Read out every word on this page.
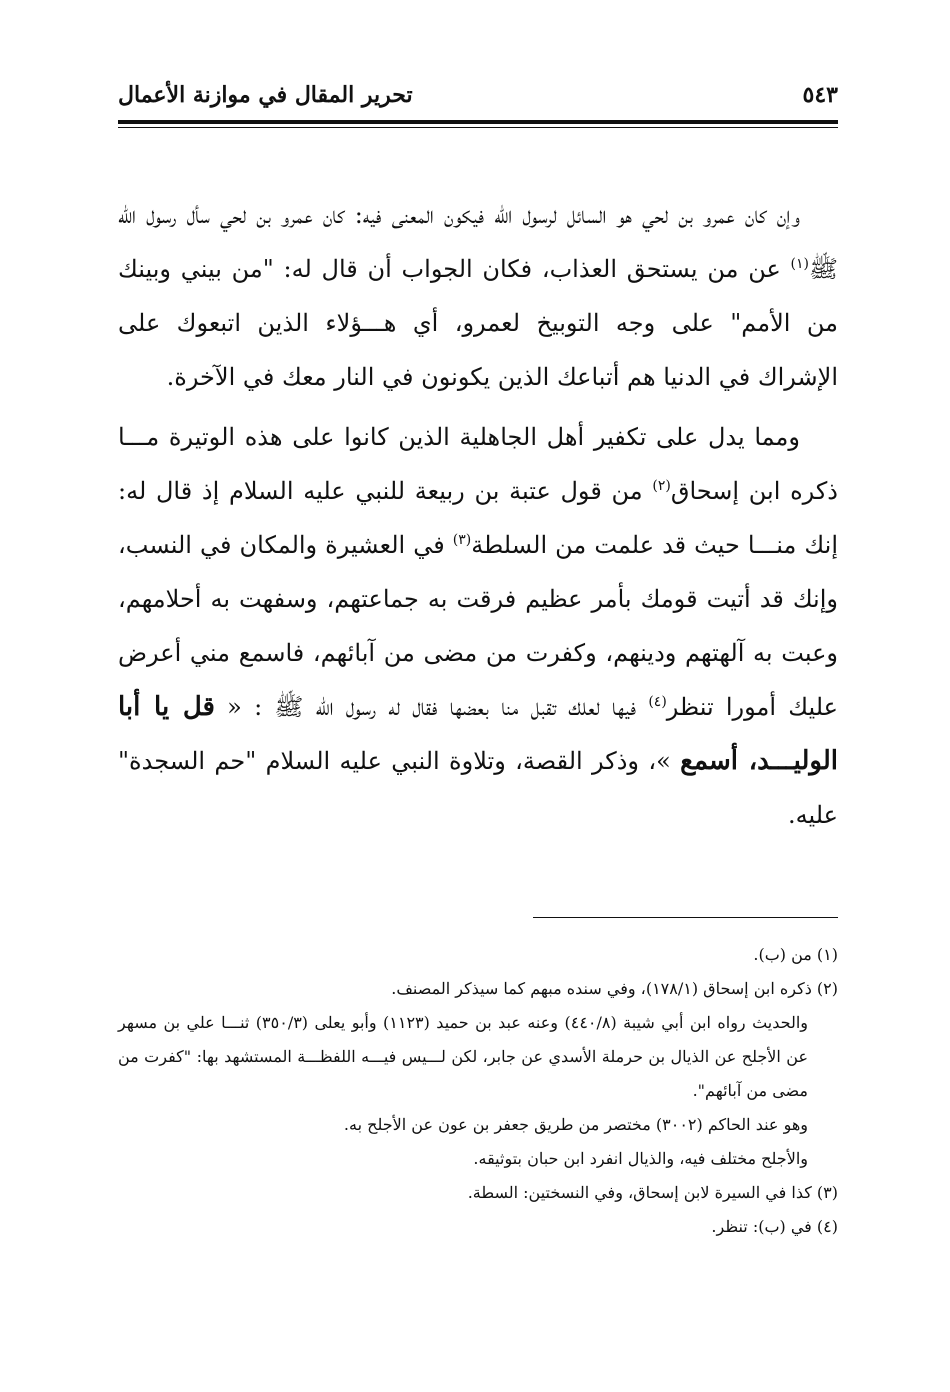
٥٤٣
تحرير المقال في موازنة الأعمال

وإن كان عمرو بن لحي هو السائل لرسول الله فيكون المعنى فيه: كان عمرو بن لحي سأل رسول الله ﷺ$^{(١)}$ عن من يستحق العذاب، فكان الجواب أن قال له: "من بيني وبينك من الأمم" على وجه التوبيخ لعمرو، أي هـــؤلاء الذين اتبعوك على الإشراك في الدنيا هم أتباعك الذين يكونون في النار معك في الآخرة.

ومما يدل على تكفير أهل الجاهلية الذين كانوا على هذه الوتيرة مـــا ذكره ابن إسحاق$^{(٢)}$ من قول عتبة بن ربيعة للنبي عليه السلام إذ قال له: إنك منـــا حيث قد علمت من السلطة$^{(٣)}$ في العشيرة والمكان في النسب، وإنك قد أتيت قومك بأمر عظيم فرقت به جماعتهم، وسفهت به أحلامهم، وعبت به آلهتهم ودينهم، وكفرت من مضى من آبائهم، فاسمع مني أعرض عليك أمورا تنظر$^{(٤)}$ فيها لعلك تقبل منا بعضها فقال له رسول الله ﷺ : « قل يا أبا الوليـــد، أسمع »، وذكر القصة، وتلاوة النبي عليه السلام "حم السجدة" عليه.

(١) من (ب).
(٢) ذكره ابن إسحاق (١٧٨/١)، وفي سنده مبهم كما سيذكر المصنف.
والحديث رواه ابن أبي شيبة (٤٤٠/٨) وعنه عبد بن حميد (١١٢٣) وأبو يعلى (٣٥٠/٣) ثنـــا علي بن مسهر عن الأجلح عن الذيال بن حرملة الأسدي عن جابر، لكن لـــيس فيـــه اللفظـــة المستشهد بها: "كفرت من مضى من آبائهم".
وهو عند الحاكم (٣٠٠٢) مختصر من طريق جعفر بن عون عن الأجلح به.
والأجلح مختلف فيه، والذيال انفرد ابن حبان بتوثيقه.
(٣) كذا في السيرة لابن إسحاق، وفي النسختين: السطة.
(٤) في (ب): تنظر.
